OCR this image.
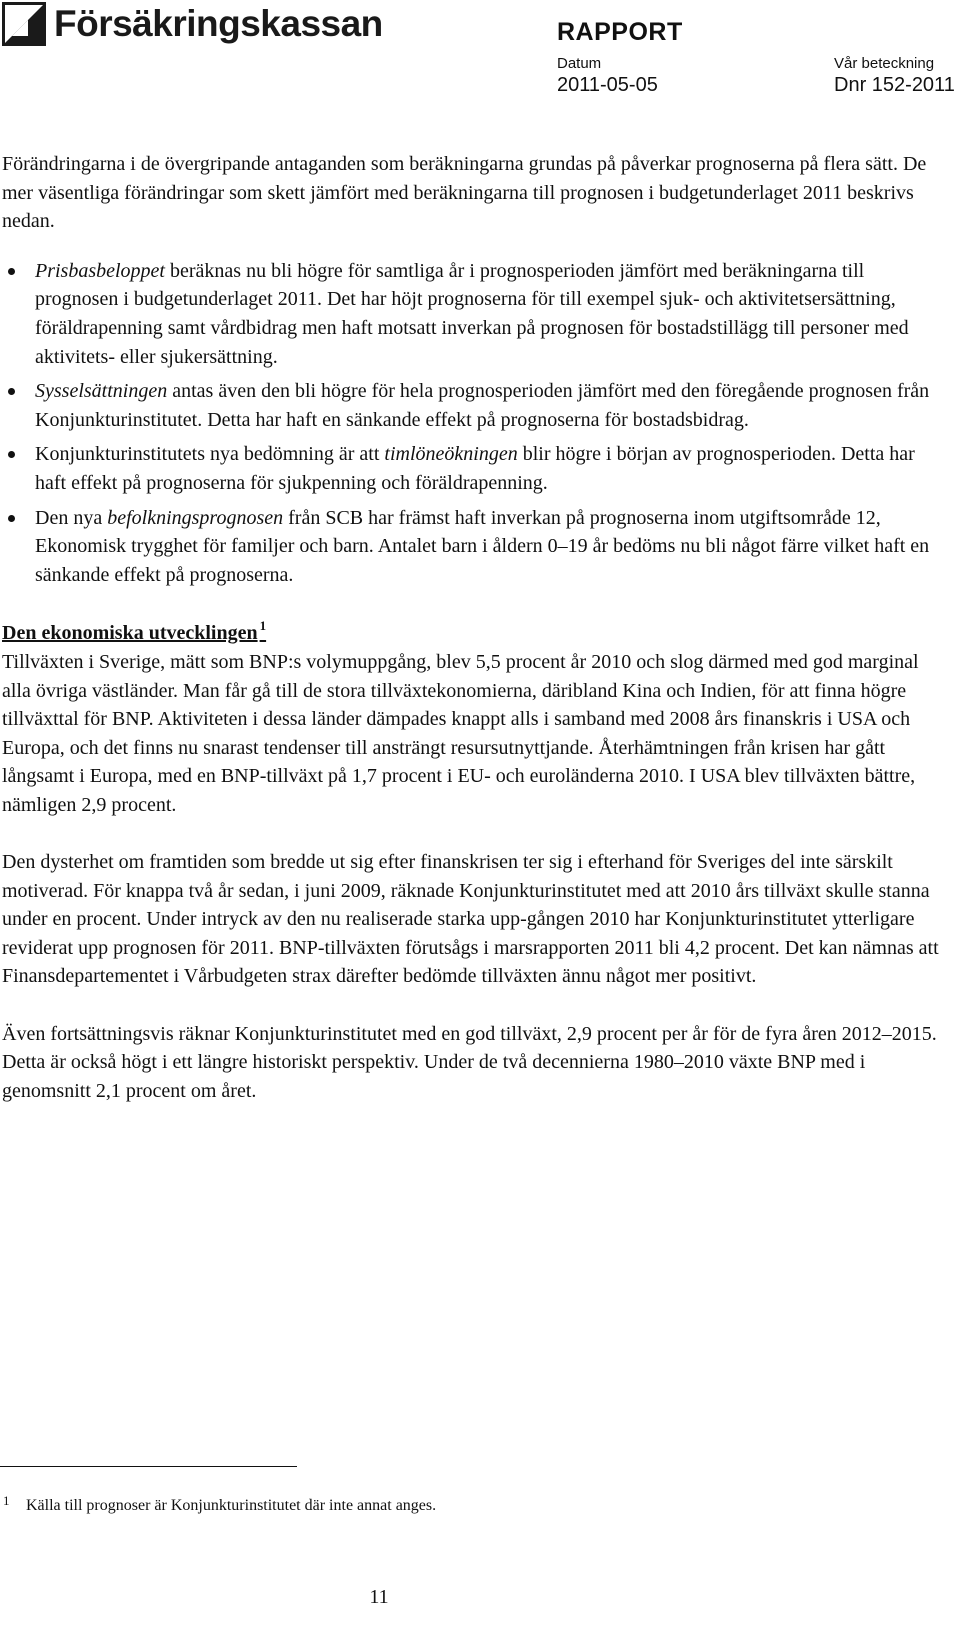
Försäkringskassan	RAPPORT
Datum	Vår beteckning
2011-05-05	Dnr 152-2011

Förändringarna i de övergripande antaganden som beräkningarna grundas på påverkar prognoserna på flera sätt. De mer väsentliga förändringar som skett jämfört med beräkningarna till prognosen i budgetunderlaget 2011 beskrivs nedan.

Prisbasbeloppet beräknas nu bli högre för samtliga år i prognosperioden jämfört med beräkningarna till prognosen i budgetunderlaget 2011. Det har höjt prognoserna för till exempel sjuk- och aktivitetsersättning, föräldrapenning samt vårdbidrag men haft motsatt inverkan på prognosen för bostadstillägg till personer med aktivitets- eller sjukersättning.
Sysselsättningen antas även den bli högre för hela prognosperioden jämfört med den föregående prognosen från Konjunkturinstitutet. Detta har haft en sänkande effekt på prognoserna för bostadsbidrag.
Konjunkturinstitutets nya bedömning är att timlöneökningen blir högre i början av prognosperioden. Detta har haft effekt på prognoserna för sjukpenning och föräldrapenning.
Den nya befolkningsprognosen från SCB har främst haft inverkan på prognoserna inom utgiftsområde 12, Ekonomisk trygghet för familjer och barn. Antalet barn i åldern 0–19 år bedöms nu bli något färre vilket haft en sänkande effekt på prognoserna.

Den ekonomiska utvecklingen $^1$

Tillväxten i Sverige, mätt som BNP:s volymuppgång, blev 5,5 procent år 2010 och slog därmed med god marginal alla övriga västländer. Man får gå till de stora tillväxtekonomierna, däribland Kina och Indien, för att finna högre tillväxttal för BNP. Aktiviteten i dessa länder dämpades knappt alls i samband med 2008 års finanskris i USA och Europa, och det finns nu snarast tendenser till ansträngt resursutnyttjande. Återhämtningen från krisen har gått långsamt i Europa, med en BNP-tillväxt på 1,7 procent i EU- och euroländerna 2010. I USA blev tillväxten bättre, nämligen 2,9 procent.

Den dysterhet om framtiden som bredde ut sig efter finanskrisen ter sig i efterhand för Sveriges del inte särskilt motiverad. För knappa två år sedan, i juni 2009, räknade Konjunkturinstitutet med att 2010 års tillväxt skulle stanna under en procent. Under intryck av den nu realiserade starka upp-gången 2010 har Konjunkturinstitutet ytterligare reviderat upp prognosen för 2011. BNP-tillväxten förutsågs i marsrapporten 2011 bli 4,2 procent. Det kan nämnas att Finansdepartementet i Vårbudgeten strax därefter bedömde tillväxten ännu något mer positivt.

Även fortsättningsvis räknar Konjunkturinstitutet med en god tillväxt, 2,9 procent per år för de fyra åren 2012–2015. Detta är också högt i ett längre historiskt perspektiv. Under de två decennierna 1980–2010 växte BNP med i genomsnitt 2,1 procent om året.

1 Källa till prognoser är Konjunkturinstitutet där inte annat anges.
11
